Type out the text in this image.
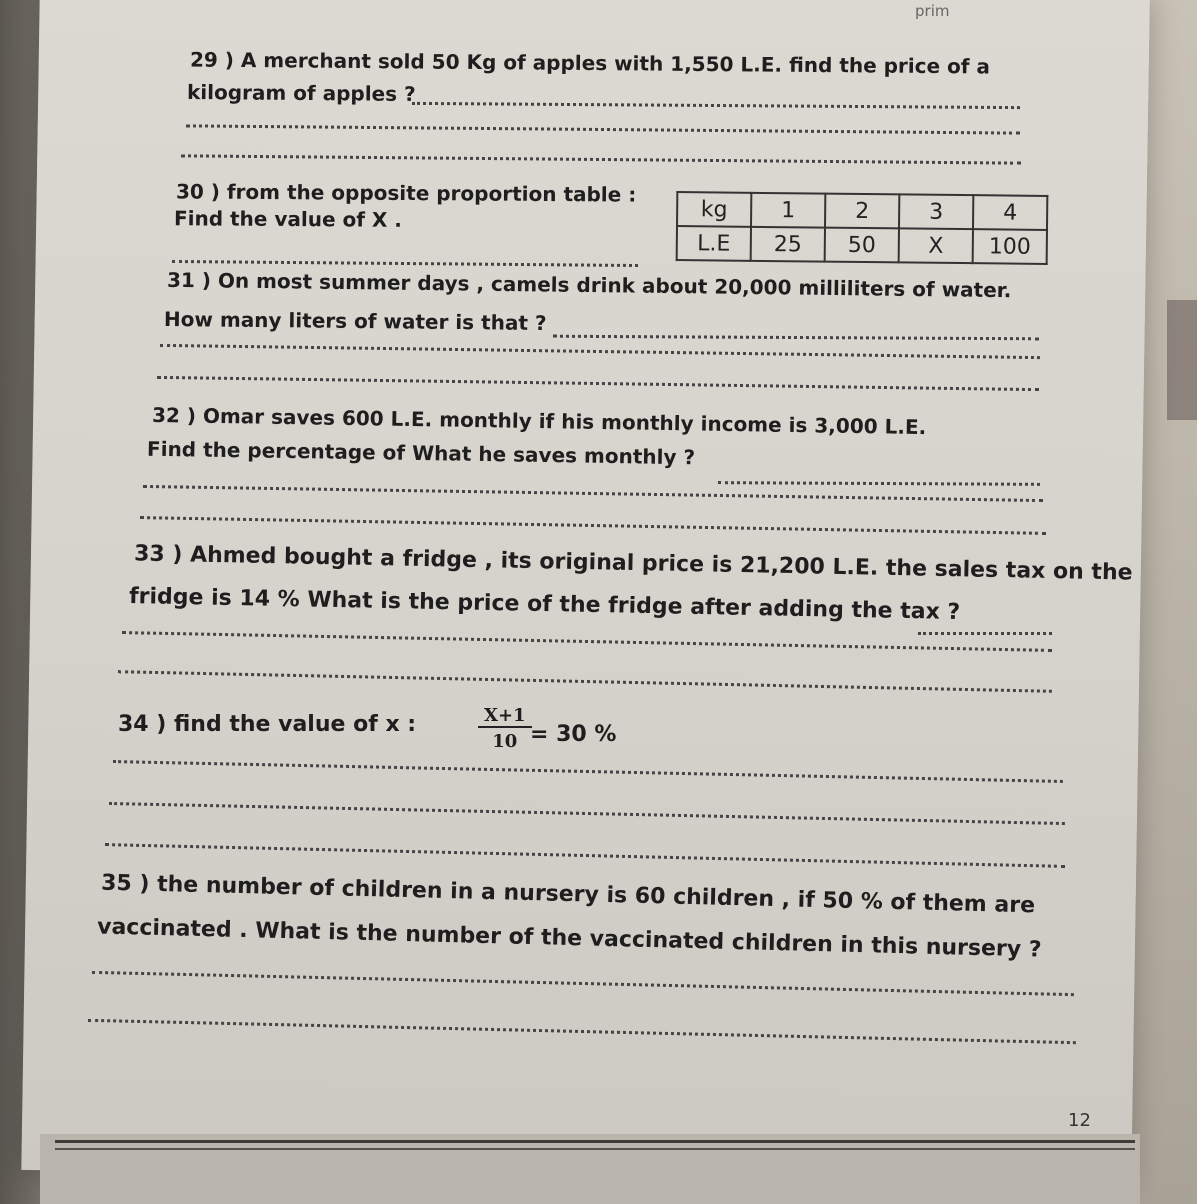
prim
29 ) A merchant sold 50 Kg of apples with 1,550 L.E. find the price of a
kilogram of apples ?
30 ) from the opposite proportion table :
Find the value of X .	kg	1	2	3	4
L.E	25	50	X	100
31 ) On most summer days , camels drink about 20,000 milliliters of water.
How many liters of water is that ?
32 ) Omar saves 600 L.E. monthly if his monthly income is 3,000 L.E.
Find the percentage of What he saves monthly ?
33 ) Ahmed bought a fridge , its original price is 21,200 L.E. the sales tax on the
fridge is 14 % What is the price of the fridge after adding the tax ?
34 ) find the value of x :	$\frac{X+1}{10}$
= 30 %
35 ) the number of children in a nursery is 60 children , if 50 % of them are
vaccinated . What is the number of the vaccinated children in this nursery ?
12
